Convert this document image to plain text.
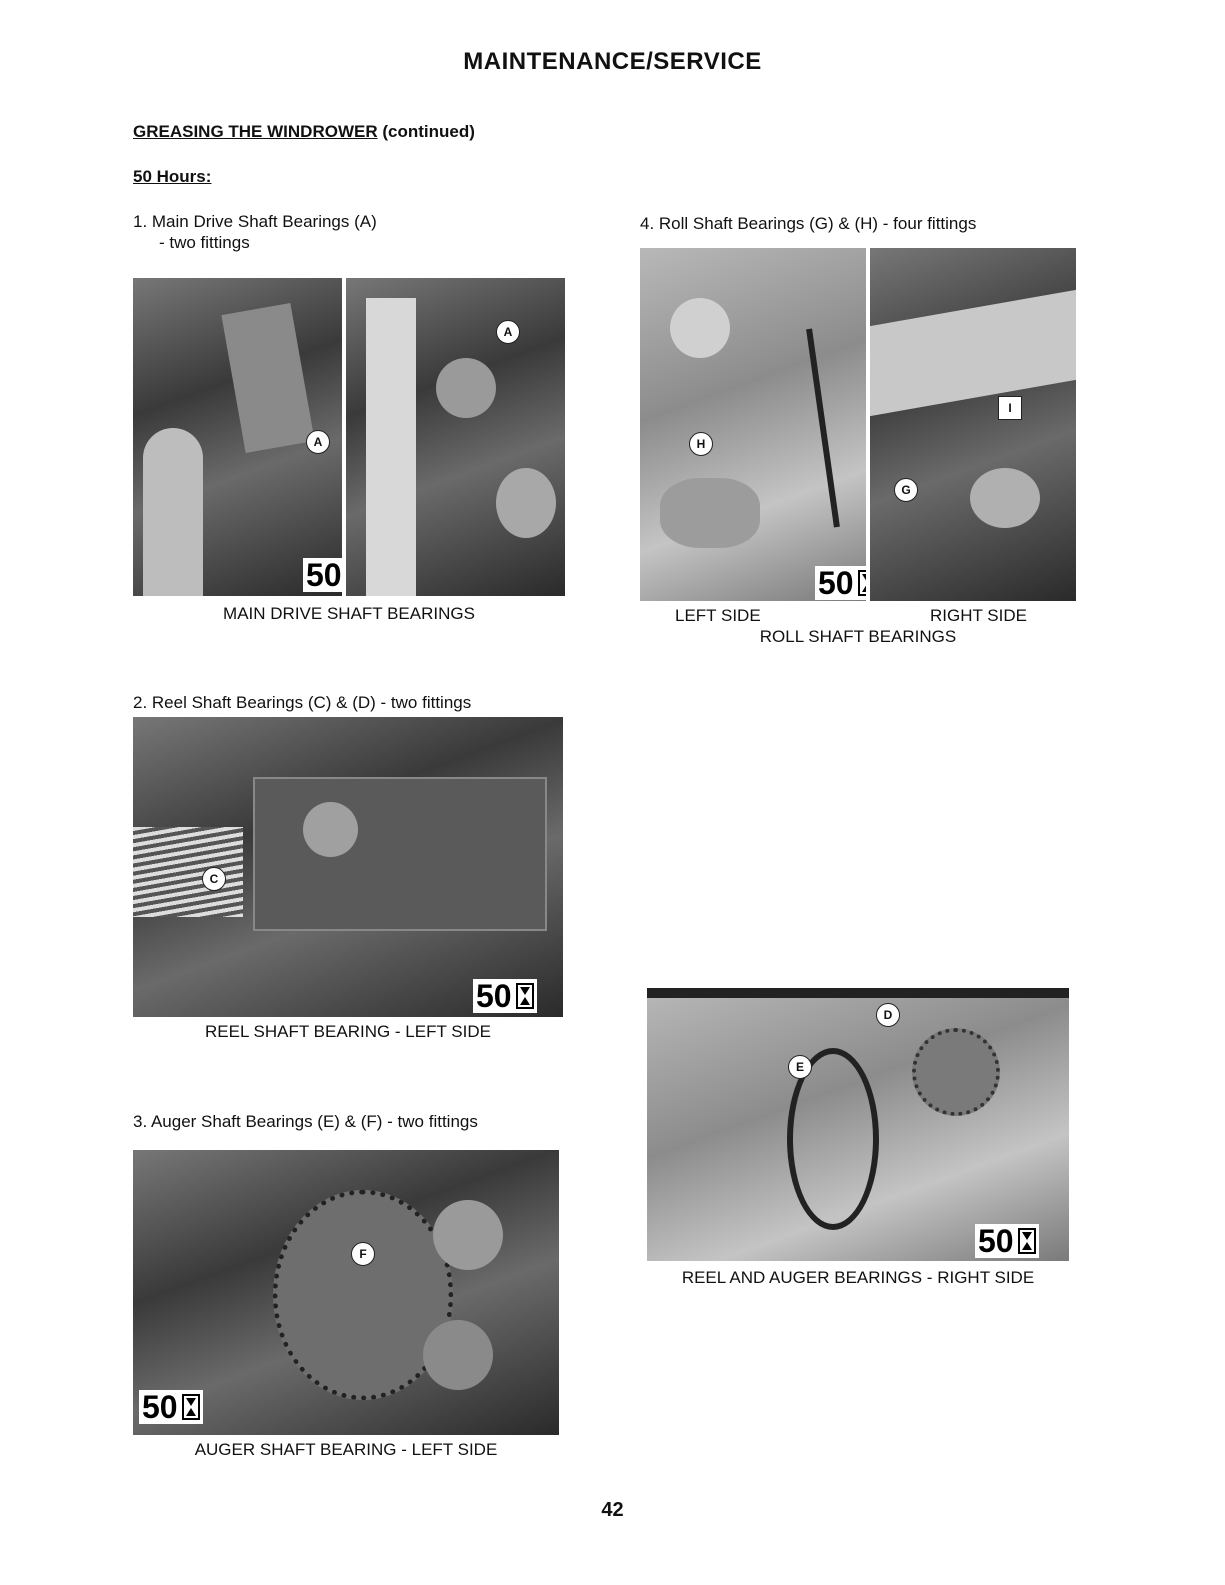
MAINTENANCE/SERVICE
GREASING THE WINDROWER (continued)
50 Hours:
1. Main Drive Shaft Bearings (A)
- two fittings
A
50
A
MAIN DRIVE SHAFT BEARINGS
4. Roll Shaft Bearings (G) & (H) - four fittings
H
50
I
G
LEFT SIDE	RIGHT SIDE
ROLL SHAFT BEARINGS
2. Reel Shaft Bearings (C) & (D) - two fittings
C
50
REEL SHAFT BEARING - LEFT SIDE
D
E
50
REEL AND AUGER BEARINGS - RIGHT SIDE
3. Auger Shaft Bearings (E) & (F) - two fittings
F
50
AUGER SHAFT BEARING - LEFT SIDE
42
